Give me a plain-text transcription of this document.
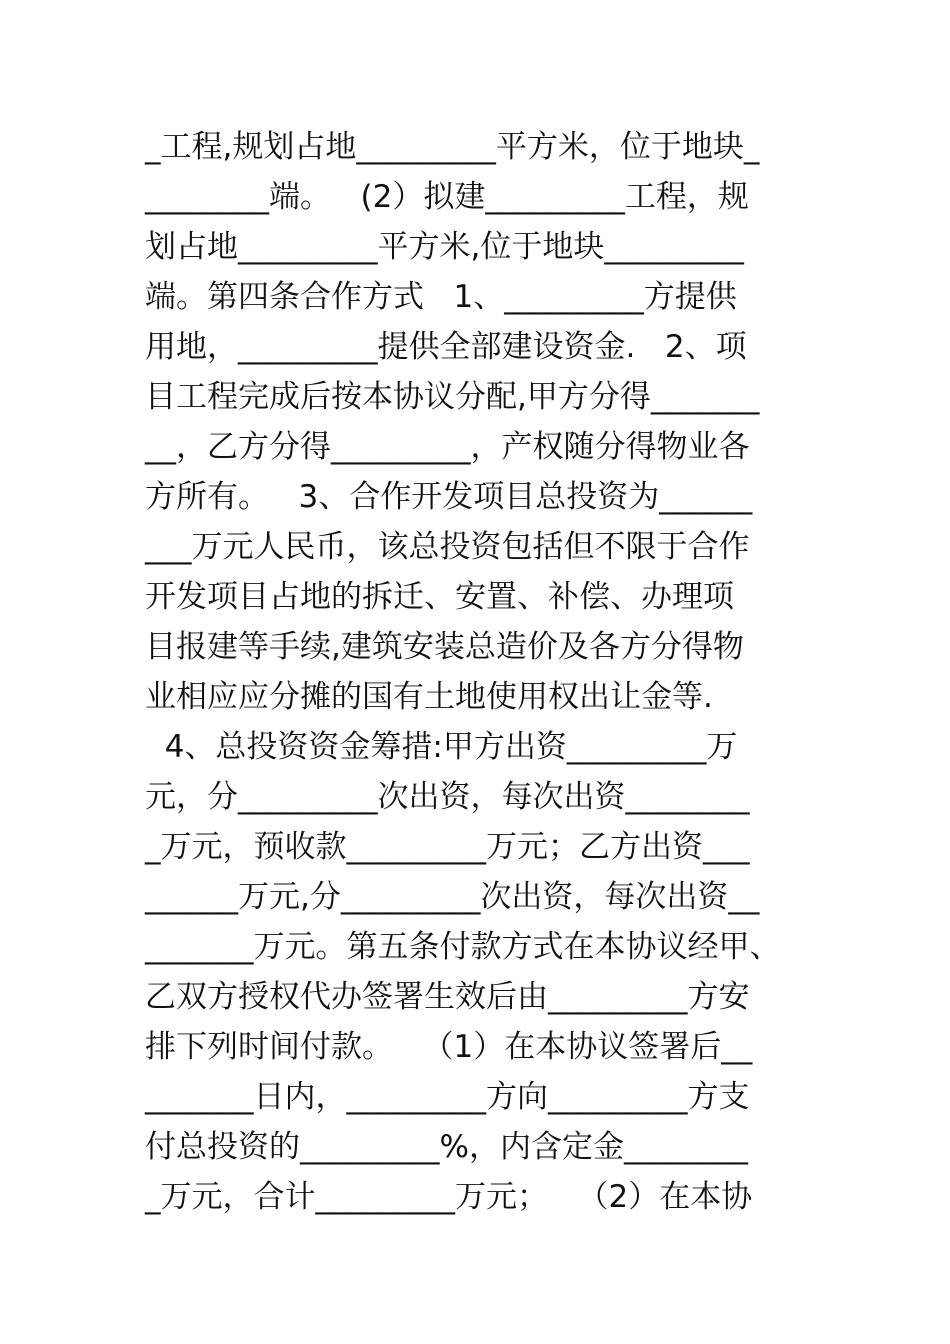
_工程,规划占地_________平方米，位于地块_
________端。   (2）拟建_________工程，规
划占地_________平方米,位于地块_________
端。第四条合作方式   1、_________方提供
用地，_________提供全部建设资金.   2、项
目工程完成后按本协议分配,甲方分得_______
__，乙方分得_________，产权随分得物业各
方所有。   3、合作开发项目总投资为______
___万元人民币，该总投资包括但不限于合作
开发项目占地的拆迁、安置、补偿、办理项
目报建等手续,建筑安装总造价及各方分得物
业相应应分摊的国有土地使用权出让金等.
4、总投资资金筹措:甲方出资_________万
元，分_________次出资，每次出资________
_万元，预收款_________万元；乙方出资___
______万元,分_________次出资，每次出资__
_______万元。第五条付款方式在本协议经甲、
乙双方授权代办签署生效后由_________方安
排下列时间付款。   （1）在本协议签署后__
_______日内，_________方向_________方支
付总投资的_________%，内含定金________
_万元，合计_________万元；   （2）在本协
